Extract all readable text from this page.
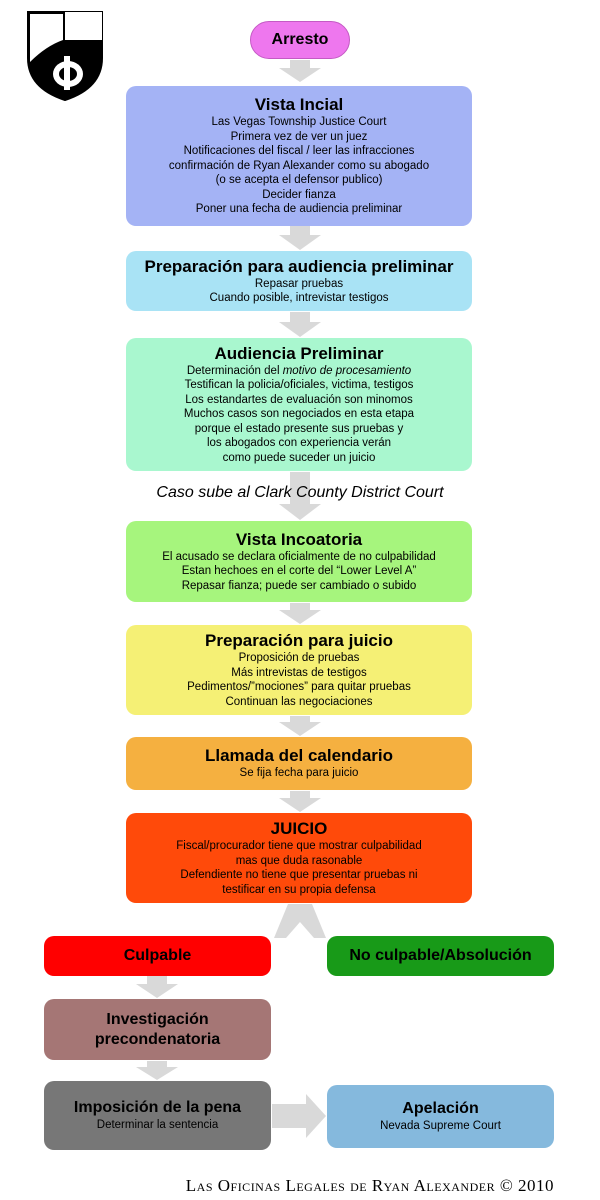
Arresto
Vista Incial
Las Vegas Township Justice Court
Primera vez de ver un juez
Notificaciones del fiscal / leer las infracciones
confirmación de Ryan Alexander como su abogado
(o se acepta el defensor publico)
Decider fianza
Poner una fecha de audiencia preliminar
Preparación para audiencia preliminar
Repasar pruebas
Cuando posible, intrevistar testigos
Audiencia Preliminar
Determinación del motivo de procesamiento
Testifican la policia/oficiales, victima, testigos
Los estandartes de evaluación son minomos
Muchos casos son negociados en esta etapa
porque el estado presente sus pruebas y
los abogados con experiencia verán
como puede suceder un juicio
Caso sube al Clark County District Court
Vista Incoatoria
El acusado se declara oficialmente de no culpabilidad
Estan hechoes en el corte del “Lower Level A”
Repasar fianza; puede ser cambiado o subido
Preparación para juicio
Proposición de pruebas
Más intrevistas de testigos
Pedimentos/”mociones” para quitar pruebas
Continuan las negociaciones
Llamada del calendario
Se fija fecha para juicio
JUICIO
Fiscal/procurador tiene que mostrar culpabilidad
mas que duda rasonable
Defendiente no tiene que presentar pruebas ni
testificar en su propia defensa
Culpable	No culpable/Absolución
Investigación
precondenatoria
Imposición de la pena
Determinar la sentencia
Apelación
Nevada Supreme Court
Las Oficinas Legales de Ryan Alexander © 2010
